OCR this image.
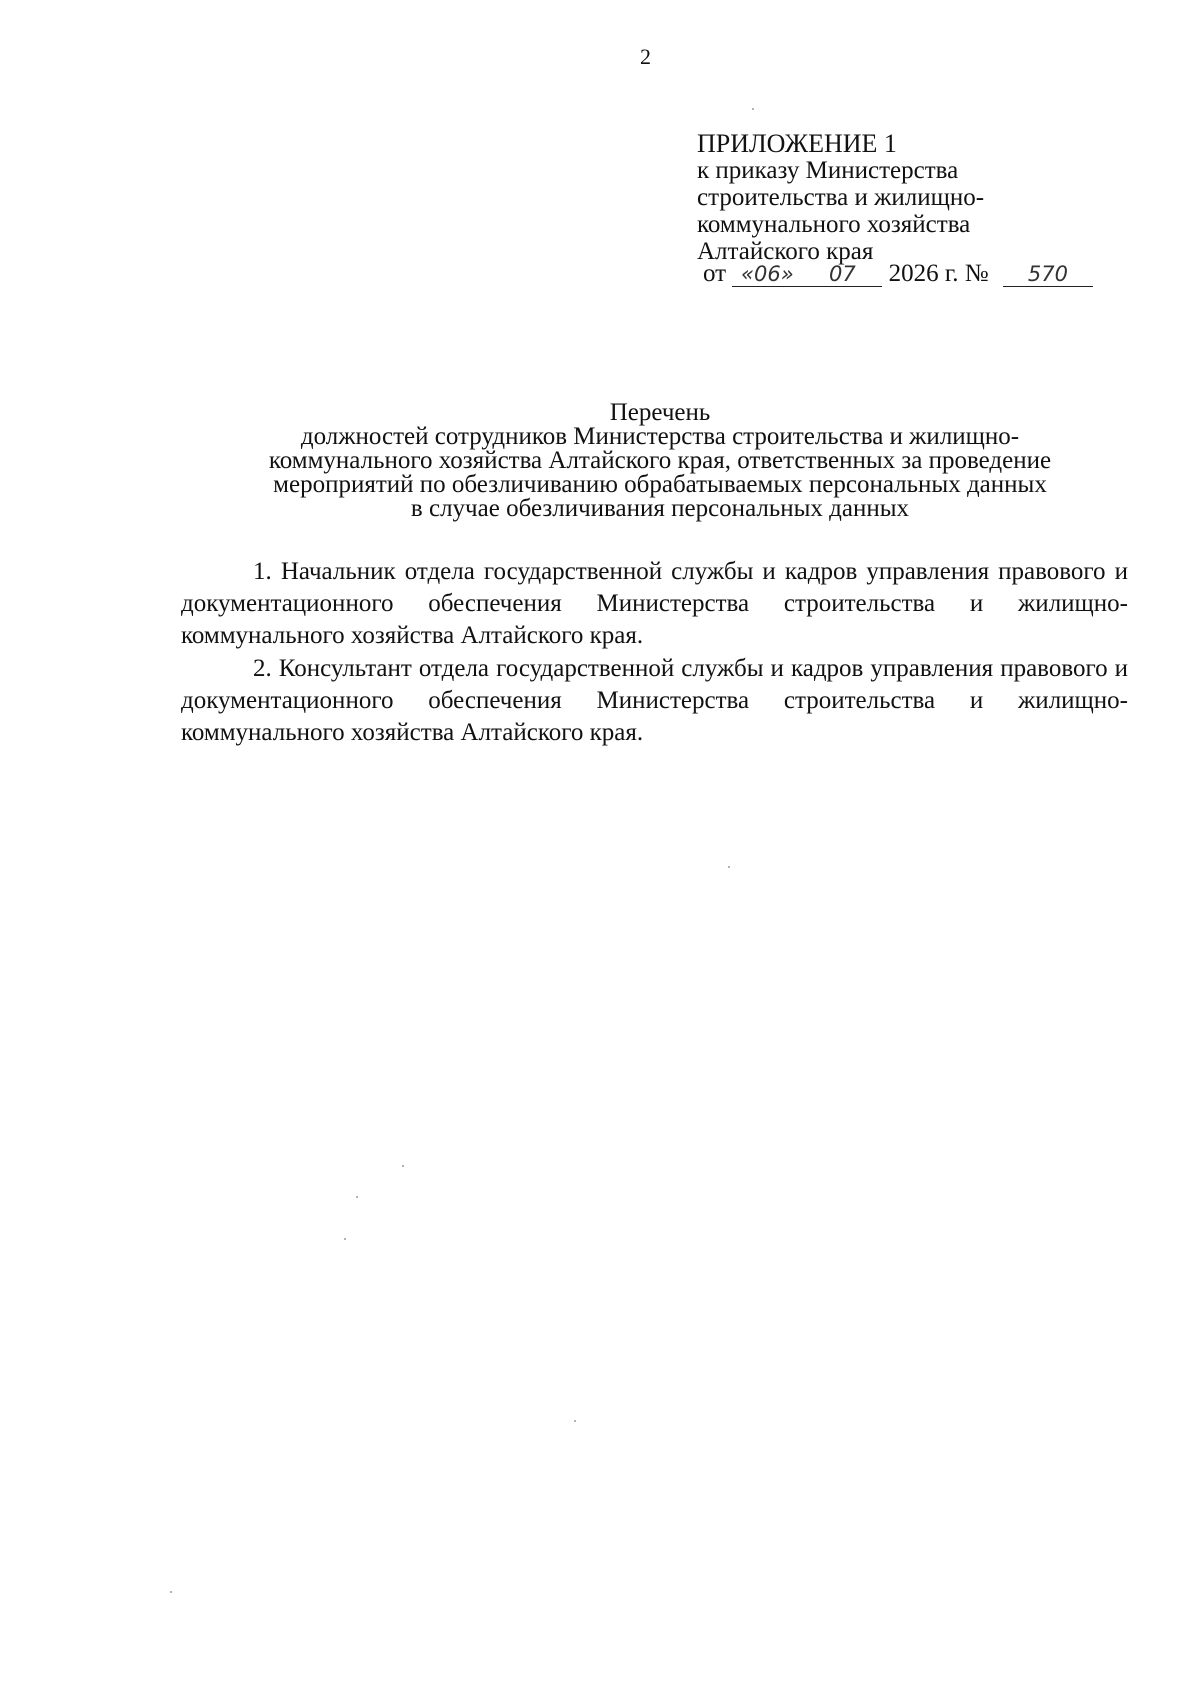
2
ПРИЛОЖЕНИЕ 1
к приказу Министерства
строительства и жилищно-
коммунального хозяйства
Алтайского края
от «06» 07 2026 г. № 570
Перечень
должностей сотрудников Министерства строительства и жилищно-
коммунального хозяйства Алтайского края, ответственных за проведение
мероприятий по обезличиванию обрабатываемых персональных данных
в случае обезличивания персональных данных

1. Начальник отдела государственной службы и кадров управления правового и документационного обеспечения Министерства строительства и жилищно-коммунального хозяйства Алтайского края.

2. Консультант отдела государственной службы и кадров управления правового и документационного обеспечения Министерства строительства и жилищно-коммунального хозяйства Алтайского края.
